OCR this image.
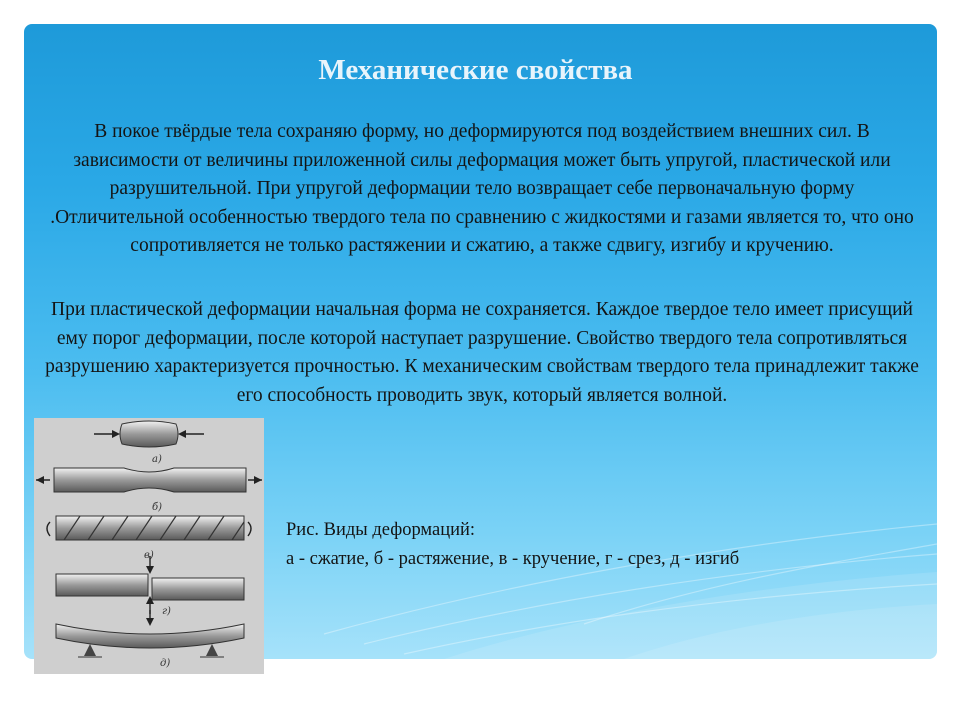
Механические свойства

В покое твёрдые тела сохраняю форму, но деформируются под воздействием внешних сил. В зависимости от величины приложенной силы деформация может быть упругой, пластической или разрушительной. При упругой деформации тело возвращает себе первоначальную форму .Отличительной особенностью твердого тела по сравнению с жидкостями и газами является то, что оно сопротивляется не только растяжении и сжатию, а также сдвигу, изгибу и кручению.

При пластической деформации начальная форма не сохраняется. Каждое твердое тело имеет присущий ему порог деформации, после которой наступает разрушение. Свойство твердого тела сопротивляться разрушению характеризуется прочностью. К механическим свойствам твердого тела принадлежит также его способность проводить звук, который является волной.

а)
б)
в)
г)
д)
Рис. Виды деформаций:
а - сжатие, б - растяжение, в - кручение, г - срез, д - изгиб
